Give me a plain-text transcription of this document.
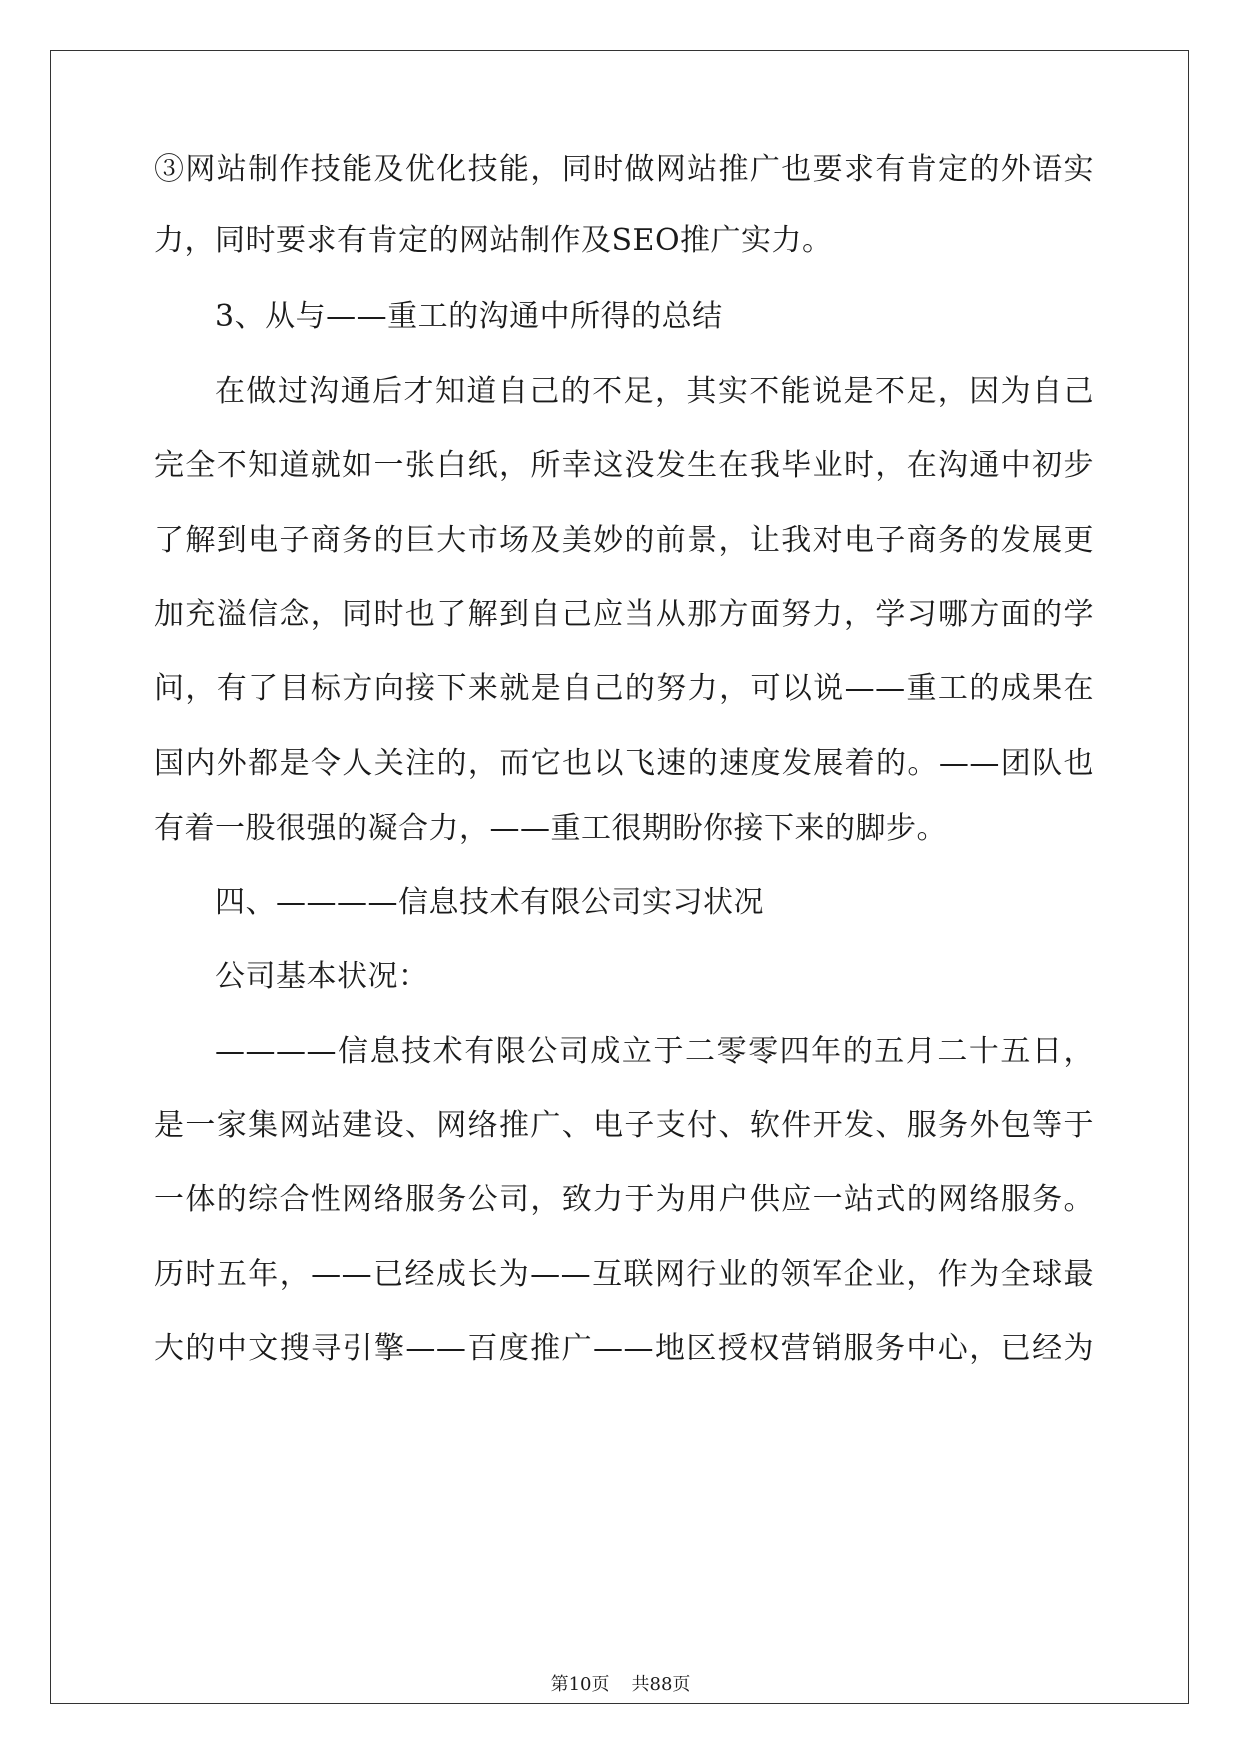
③网站制作技能及优化技能，同时做网站推广也要求有肯定的外语实
力，同时要求有肯定的网站制作及SEO推广实力。
3、从与——重工的沟通中所得的总结
在做过沟通后才知道自己的不足，其实不能说是不足，因为自己
完全不知道就如一张白纸，所幸这没发生在我毕业时，在沟通中初步
了解到电子商务的巨大市场及美妙的前景，让我对电子商务的发展更
加充溢信念，同时也了解到自己应当从那方面努力，学习哪方面的学
问，有了目标方向接下来就是自己的努力，可以说——重工的成果在
国内外都是令人关注的，而它也以飞速的速度发展着的。——团队也
有着一股很强的凝合力，——重工很期盼你接下来的脚步。
四、————信息技术有限公司实习状况
公司基本状况：
————信息技术有限公司成立于二零零四年的五月二十五日，
是一家集网站建设、网络推广、电子支付、软件开发、服务外包等于
一体的综合性网络服务公司，致力于为用户供应一站式的网络服务。
历时五年，——已经成长为——互联网行业的领军企业，作为全球最
大的中文搜寻引擎——百度推广——地区授权营销服务中心，已经为
第10页 共88页
